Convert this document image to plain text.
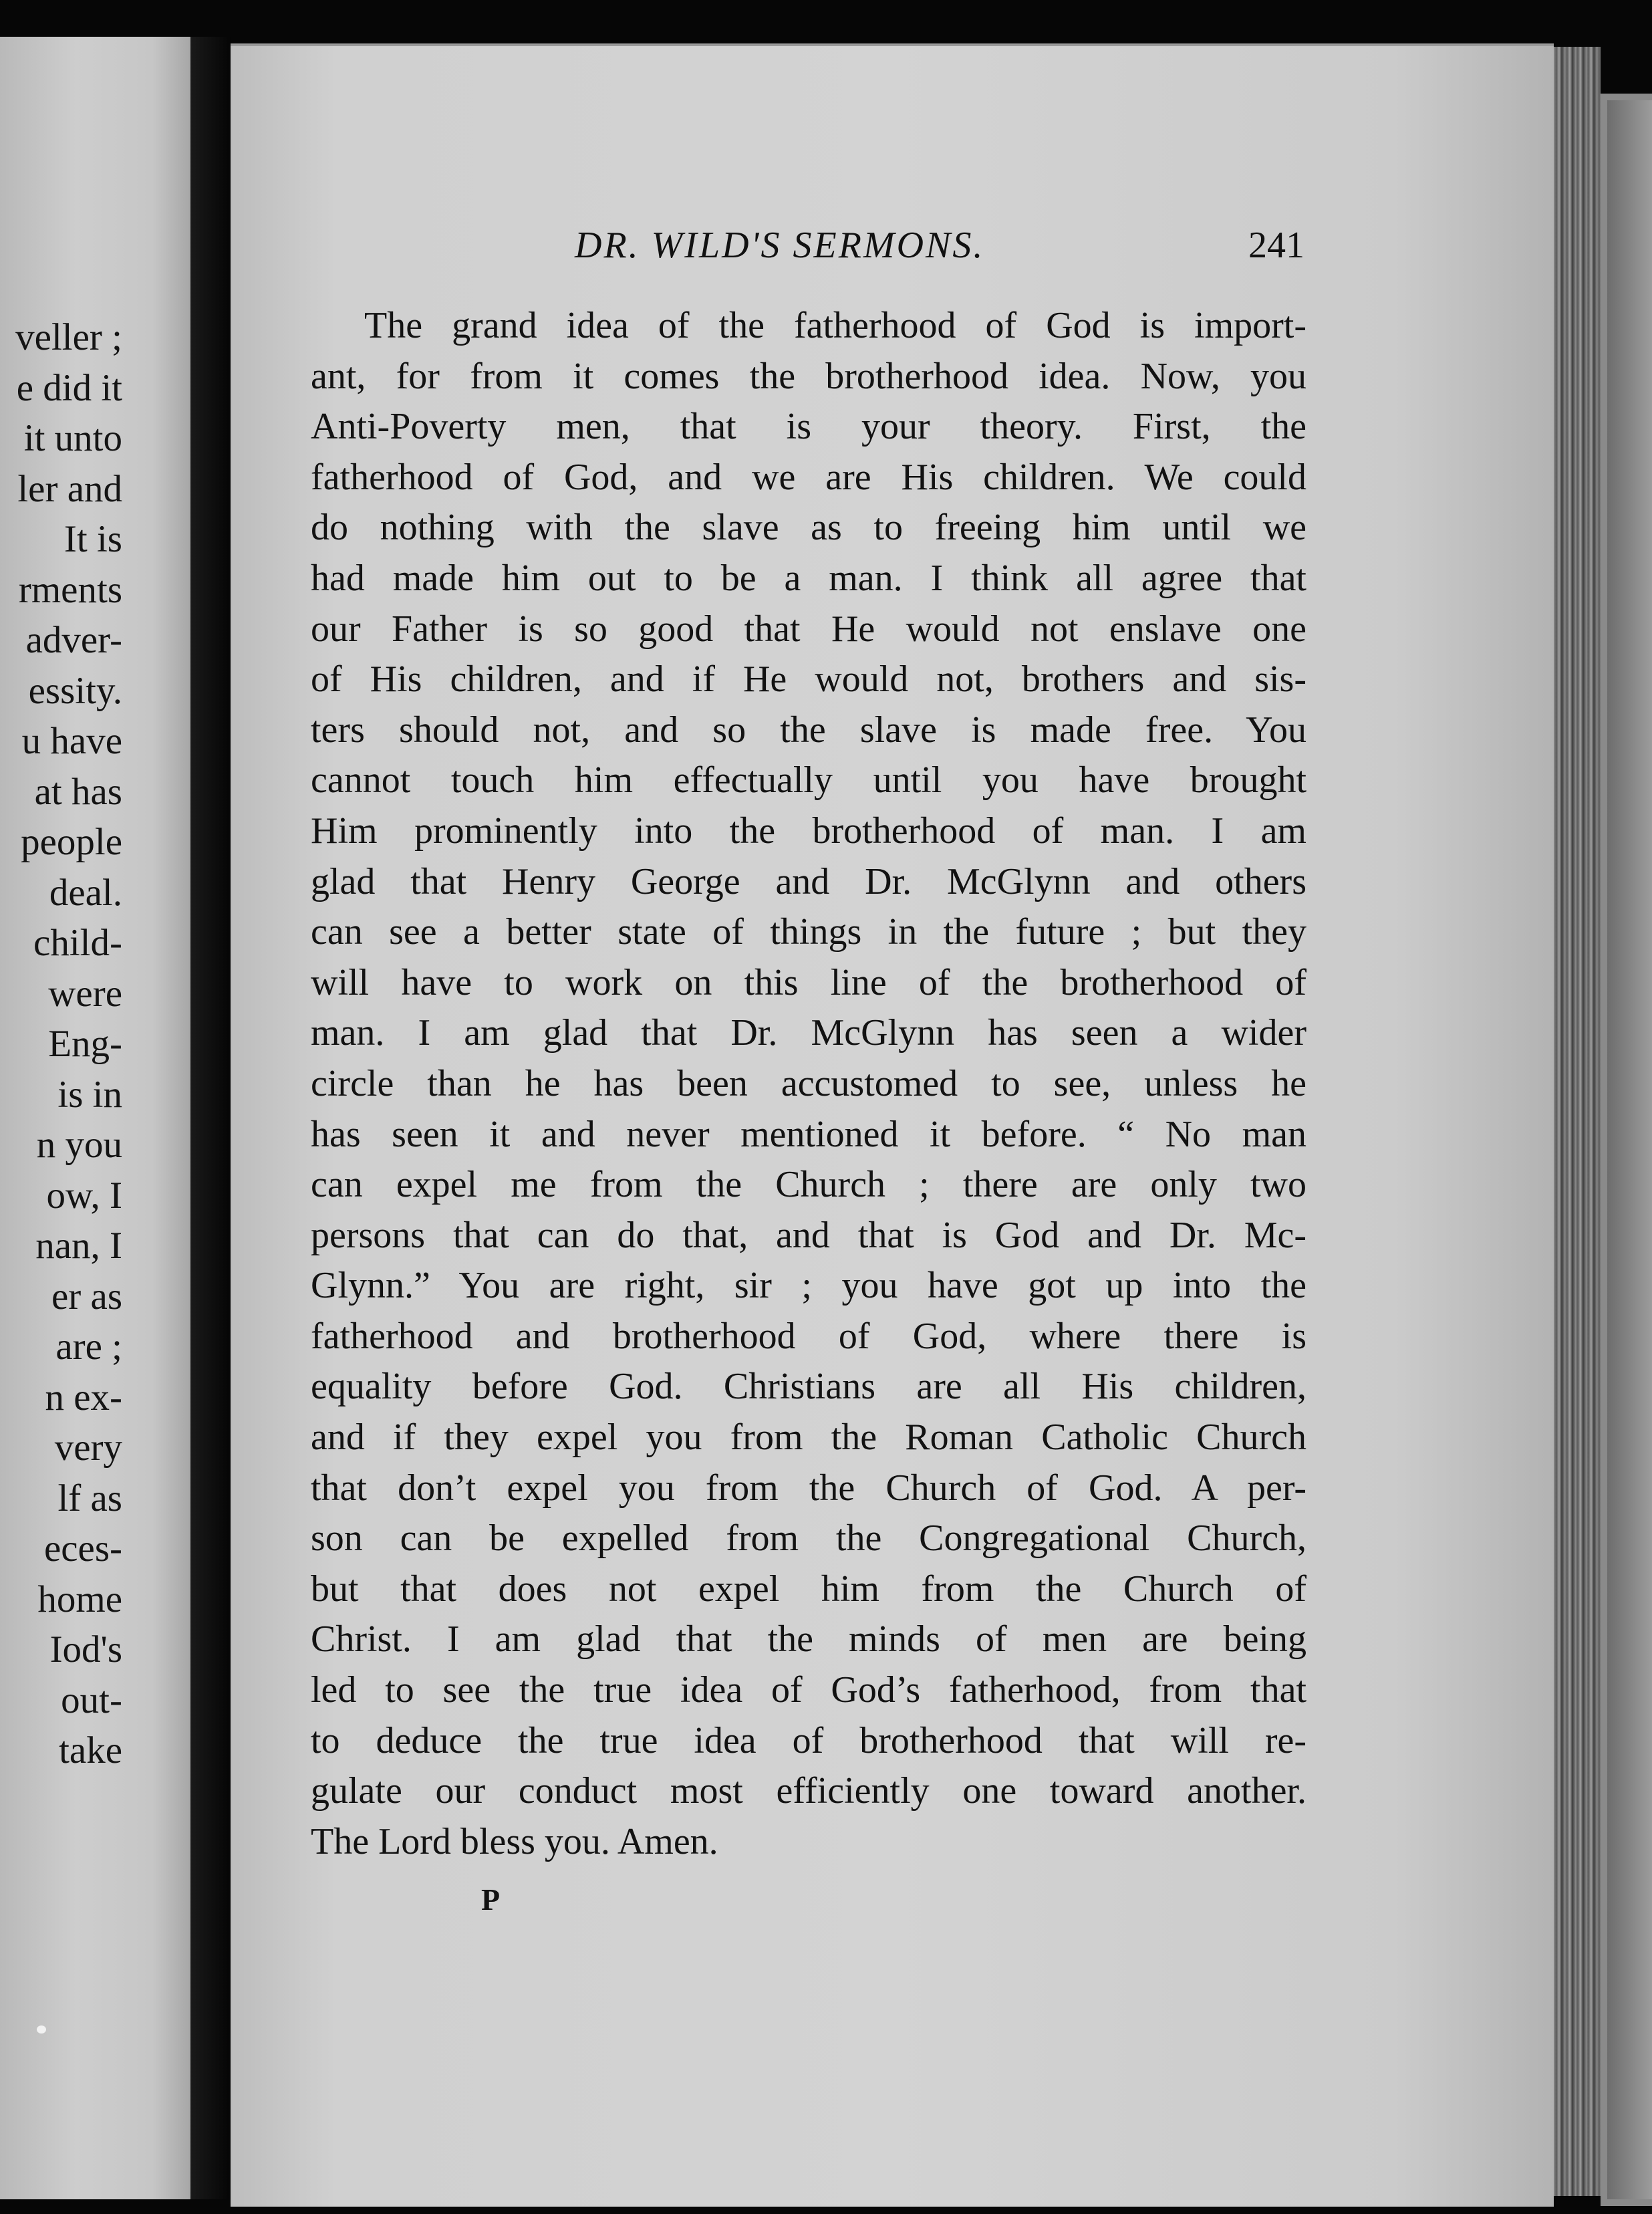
veller ;
e did it
it unto
ler and
It is
rments
adver-
essity.
u have
at has
people
deal.
child-
were
Eng-
is in
n you
ow, I
nan, I
er as
are ;
n ex-
very
lf as
eces-
home
Iod's
out-
take
DR. WILD'S SERMONS.	241
The grand idea of the fatherhood of God is import-
ant, for from it comes the brotherhood idea. Now, you
Anti-Poverty men, that is your theory. First, the
fatherhood of God, and we are His children. We could
do nothing with the slave as to freeing him until we
had made him out to be a man. I think all agree that
our Father is so good that He would not enslave one
of His children, and if He would not, brothers and sis-
ters should not, and so the slave is made free. You
cannot touch him effectually until you have brought
Him prominently into the brotherhood of man. I am
glad that Henry George and Dr. McGlynn and others
can see a better state of things in the future ; but they
will have to work on this line of the brotherhood of
man. I am glad that Dr. McGlynn has seen a wider
circle than he has been accustomed to see, unless he
has seen it and never mentioned it before. “ No man
can expel me from the Church ; there are only two
persons that can do that, and that is God and Dr. Mc-
Glynn.” You are right, sir ; you have got up into the
fatherhood and brotherhood of God, where there is
equality before God. Christians are all His children,
and if they expel you from the Roman Catholic Church
that don’t expel you from the Church of God. A per-
son can be expelled from the Congregational Church,
but that does not expel him from the Church of
Christ. I am glad that the minds of men are being
led to see the true idea of God’s fatherhood, from that
to deduce the true idea of brotherhood that will re-
gulate our conduct most efficiently one toward another.
The Lord bless you. Amen.
P
